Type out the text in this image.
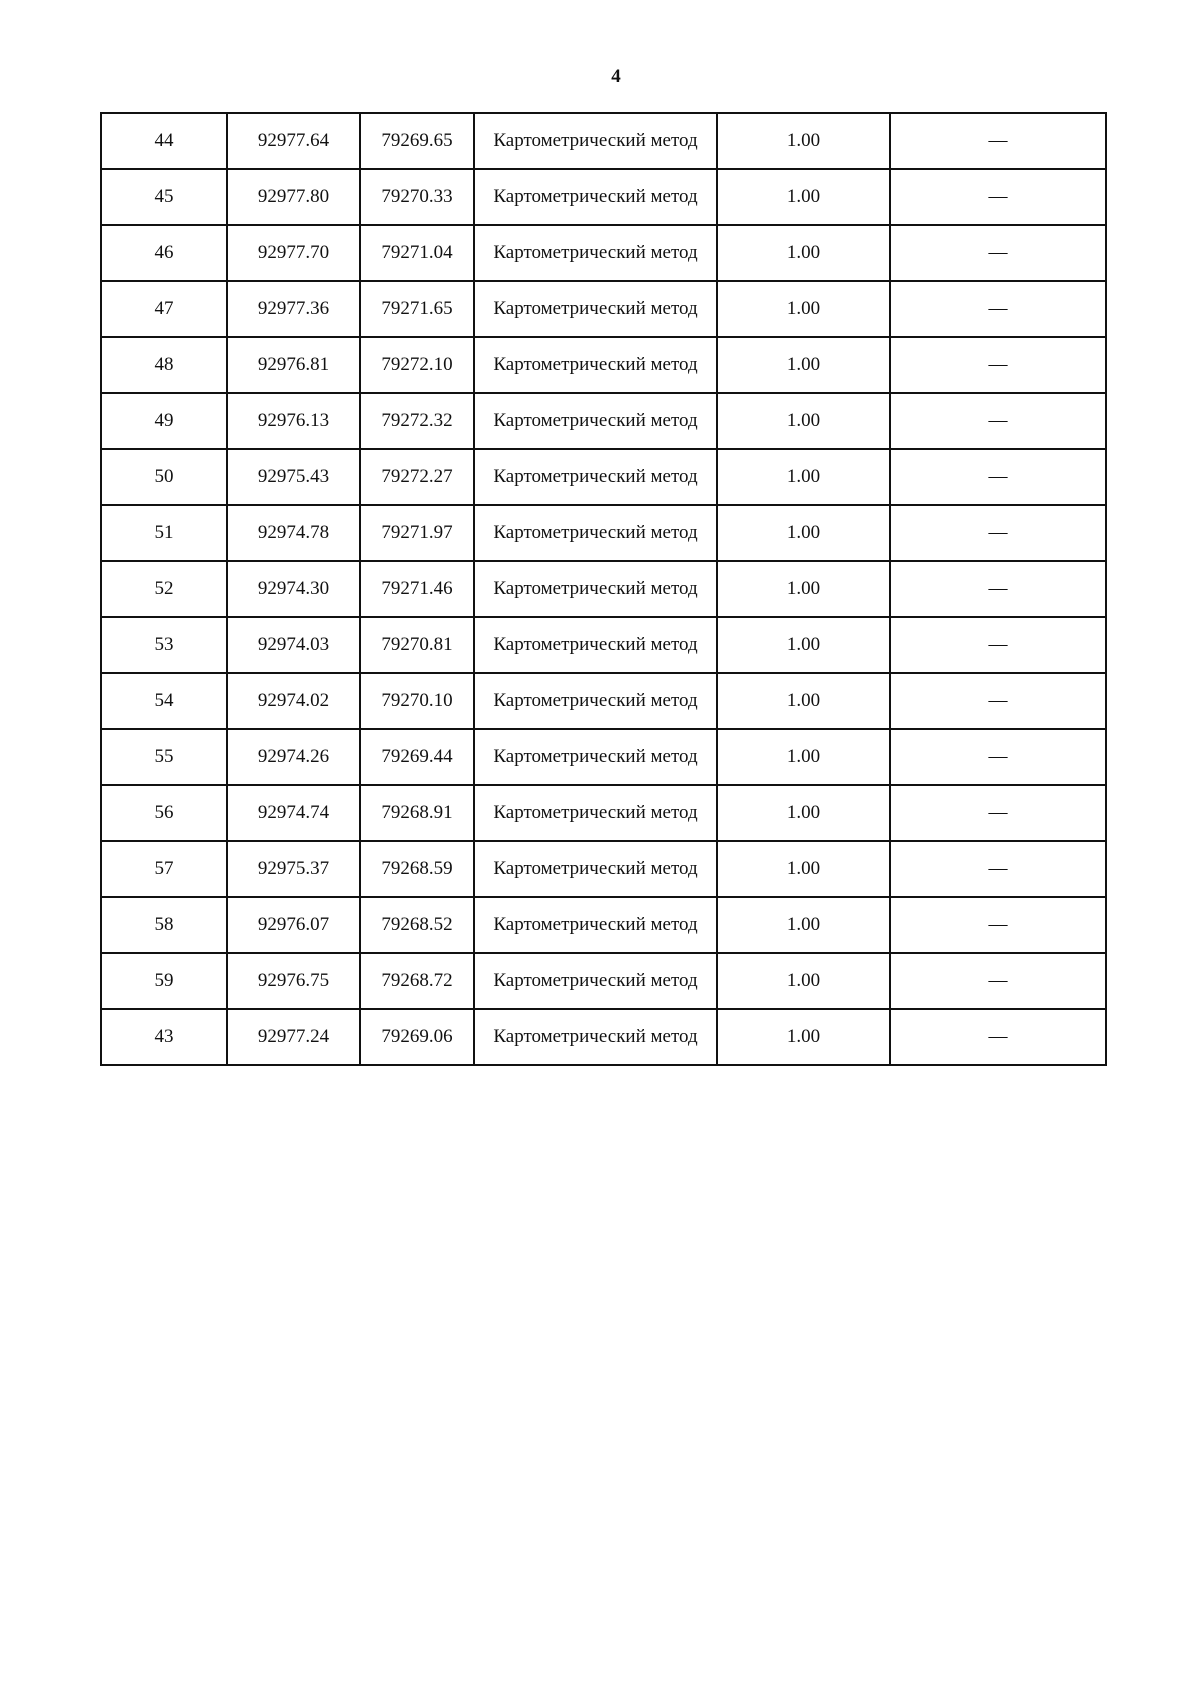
4
44	92977.64	79269.65	Картометрический метод	1.00	—
45	92977.80	79270.33	Картометрический метод	1.00	—
46	92977.70	79271.04	Картометрический метод	1.00	—
47	92977.36	79271.65	Картометрический метод	1.00	—
48	92976.81	79272.10	Картометрический метод	1.00	—
49	92976.13	79272.32	Картометрический метод	1.00	—
50	92975.43	79272.27	Картометрический метод	1.00	—
51	92974.78	79271.97	Картометрический метод	1.00	—
52	92974.30	79271.46	Картометрический метод	1.00	—
53	92974.03	79270.81	Картометрический метод	1.00	—
54	92974.02	79270.10	Картометрический метод	1.00	—
55	92974.26	79269.44	Картометрический метод	1.00	—
56	92974.74	79268.91	Картометрический метод	1.00	—
57	92975.37	79268.59	Картометрический метод	1.00	—
58	92976.07	79268.52	Картометрический метод	1.00	—
59	92976.75	79268.72	Картометрический метод	1.00	—
43	92977.24	79269.06	Картометрический метод	1.00	—
